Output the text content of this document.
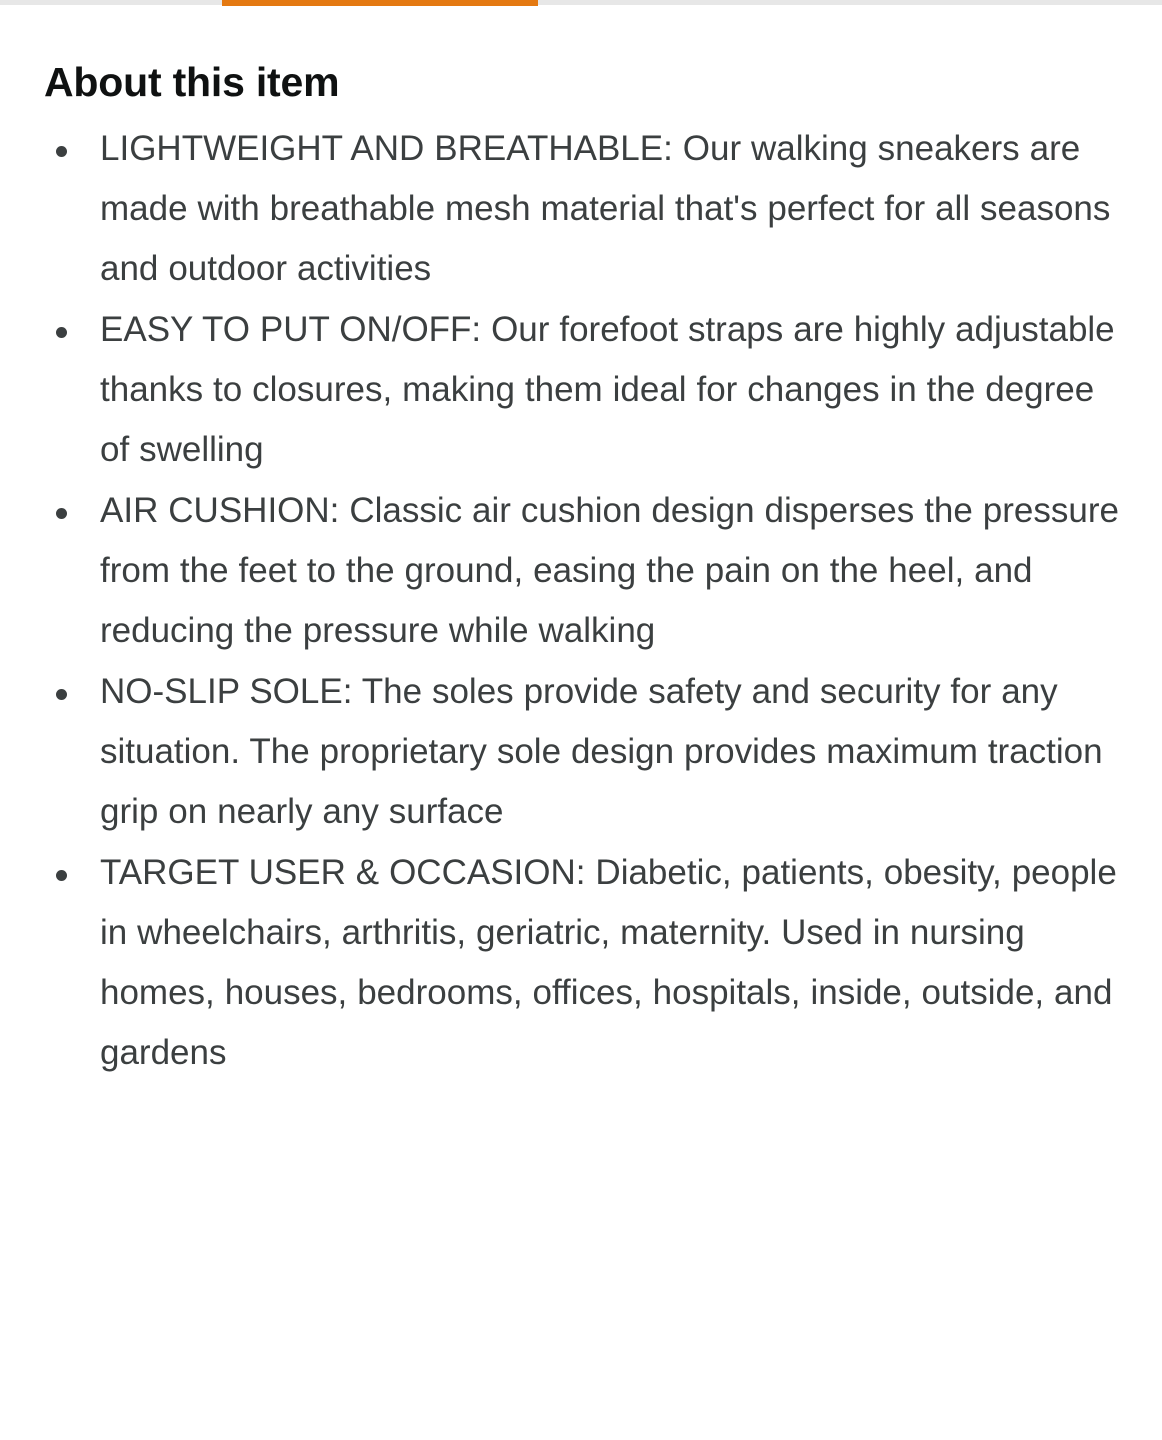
About this item
LIGHTWEIGHT AND BREATHABLE: Our walking sneakers are made with breathable mesh material that's perfect for all seasons and outdoor activities
EASY TO PUT ON/OFF: Our forefoot straps are highly adjustable thanks to closures, making them ideal for changes in the degree of swelling
AIR CUSHION: Classic air cushion design disperses the pressure from the feet to the ground, easing the pain on the heel, and reducing the pressure while walking
NO-SLIP SOLE: The soles provide safety and security for any situation. The proprietary sole design provides maximum traction grip on nearly any surface
TARGET USER & OCCASION: Diabetic, patients, obesity, people in wheelchairs, arthritis, geriatric, maternity. Used in nursing homes, houses, bedrooms, offices, hospitals, inside, outside, and gardens
